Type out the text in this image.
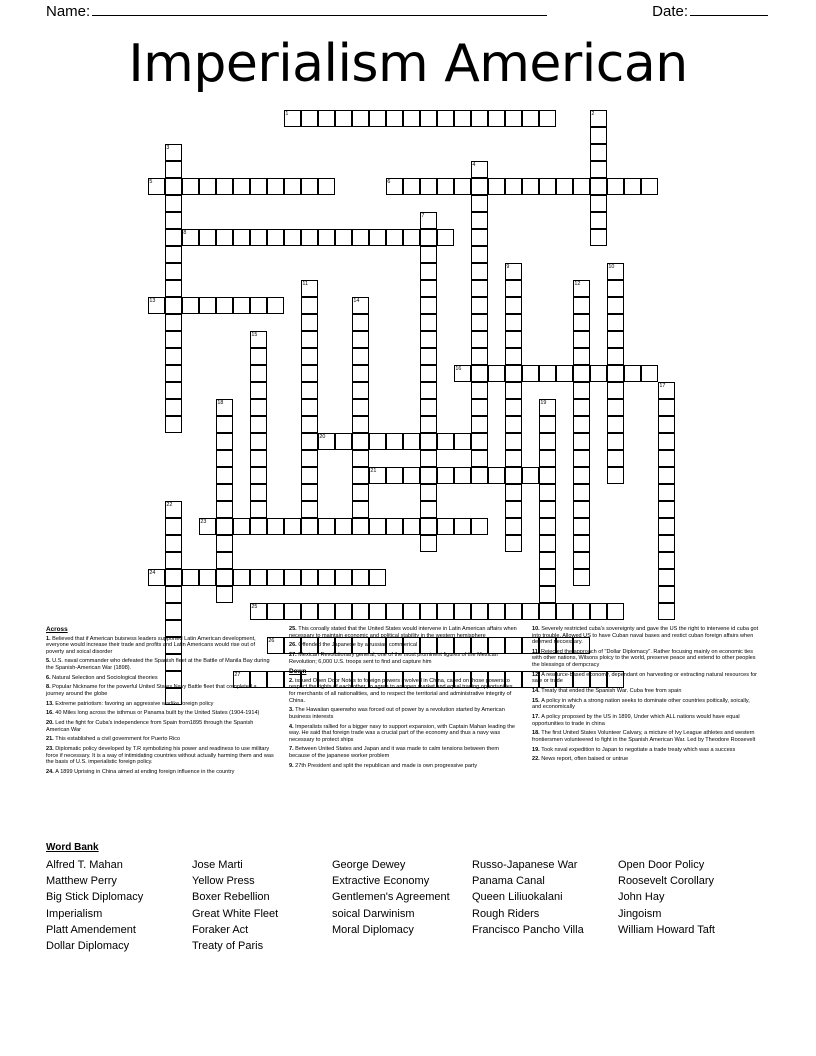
Name:	Date:
Imperialism American
1	2
3
4
5	6
7
8
9	10
11	12
13	14
15
16
17
18	19
20
21
22
23
24
25
26
27
Across
1. Believed that if American buisness leaders supported Latin American development, everyone would increase their trade and profits and Latin Americans would rise out of poverty and soical disorder
5. U.S. naval commander who defeated the Spanish fleet at the Battle of Manila Bay during the Spanish-American War (1898).
6. Natural Selection and Sociological theories
8. Popular Nickname for the powerful United States Navy Battle fleet that completed a journey around the globe
13. Extreme patriotism: favoring an aggressive warlike foreign policy
16. 40 Miles long across the isthmus or Panama built by the United States (1904-1914)
20. Led the fight for Cuba's independence from Spain from1895 through the Spanish American War
21. This established a civil government for Puerto Rico
23. Diplomatic policy developed by T.R symbolizing his power and readiness to use military force if necessary. It is a way of intimidating countries without actually harming them and was the basis of U.S. imperialistic foreign policy.
24. A 1899 Uprising in China aimed at ending foreign influence in the country
25. This coroally stated that the United States would intervene in Latin American affairs when necessary to maintain economic and political stability in the western hemisphere
26. Offended the Japanese by a russian commerical
27. Mexican Revolutionary general; one of the most prominent figures of the Mexican Revolution; 6,000 U.S. troops sent to find and capture him
Down
2. issued Open Door Notes to foreign powers involved in China, called on those powers to respect the rights of each other, to agree to an open market and equal trading opportunities for merchants of all nationalities, and to respect the territorial and administrative integrity of China.
3. The Hawaiian queenwho was forced out of power by a revolution started by American business interests
4. Imperalists rallied for a bigger navy to support expansion, with Captain Mahan leading the way. He said that foreign trade was a crucial part of the economy and thus a navy was necessary to protect ships
7. Between United States and Japan and it was made to calm tensions between them because of the japanese worker problem
9. 27th President and split the republican and made is own progressive party
10. Severely restricted cuba's sovereignty and gave the US the right to intervene id cuba got into trouble. Allowed US to have Cuban naval bases and restict cuban foreign affairs when deemed neccessary.
11. Rejected the approach of "Dollar Diplomacy". Rather focusing mainly on economic ties with other nations, Wilsons ploicy to the world, preserve peace and extend to other peoples the blessings of dempcracy
12. A resource-based economy, dependant on harvesting or extracting natural resources for sale or trade
14. Treaty that ended the Spanish War. Cuba free from spain
15. A policy in which a strong nation seeks to dominate other countries poitically, soically, and economically
17. A policy proposed by the US in 1899, Under which ALL nations would have equal opportunities to trade in china
18. The first United States Volunteer Calvary, a micture of Ivy League athletes and western frontiersmen volunteered to fight in the Spanish American War. Led by Theodore Roosevelt
19. Took nsval expedition to Japan to negotiate a trade treaty which was a success
22. News report, often baised or untrue
Word Bank
Alfred T. Mahan
Matthew Perry
Big Stick Diplomacy
Imperialism
Platt Amendement
Dollar Diplomacy
Jose Marti
Yellow Press
Boxer Rebellion
Great White Fleet
Foraker Act
Treaty of Paris
George Dewey
Extractive Economy
Gentlemen's Agreement
soical Darwinism
Moral Diplomacy
Russo-Japanese War
Panama Canal
Queen Liliuokalani
Rough Riders
Francisco Pancho Villa
Open Door Policy
Roosevelt Corollary
John Hay
Jingoism
William Howard Taft
